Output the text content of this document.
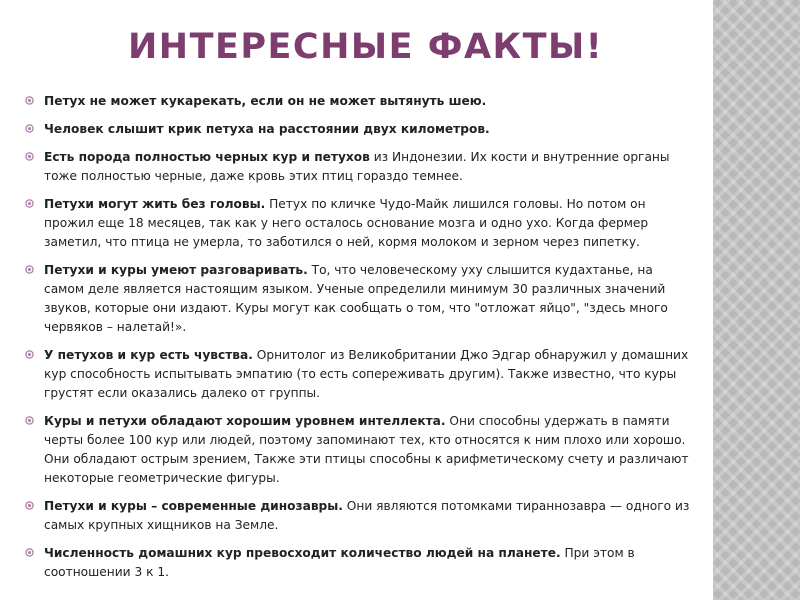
ИНТЕРЕСНЫЕ ФАКТЫ!
Петух не может кукарекать, если он не может вытянуть шею.
Человек слышит крик петуха на расстоянии двух километров.
Есть порода полностью черных кур и петухов из Индонезии. Их кости и внутренние органы тоже полностью черные, даже кровь этих птиц гораздо темнее.
Петухи могут жить без головы. Петух по кличке Чудо-Майк лишился головы. Но потом он прожил еще 18 месяцев, так как у него осталось основание мозга и одно ухо. Когда фермер заметил, что птица не умерла, то заботился о ней, кормя молоком и зерном через пипетку.
Петухи и куры умеют разговаривать. То, что человеческому уху слышится кудахтанье, на самом деле является настоящим языком. Ученые определили минимум 30 различных значений звуков, которые они издают. Куры могут как сообщать о том, что "отложат яйцо", "здесь много червяков – налетай!».
У петухов и кур есть чувства. Орнитолог из Великобритании Джо Эдгар обнаружил у домашних кур способность испытывать эмпатию (то есть сопереживать другим). Также известно, что куры грустят если оказались далеко от группы.
Куры и петухи обладают хорошим уровнем интеллекта. Они способны удержать в памяти черты более 100 кур или людей, поэтому запоминают тех, кто относятся к ним плохо или хорошо. Они обладают острым зрением, Также эти птицы способны к арифметическому счету и различают некоторые геометрические фигуры.
Петухи и куры – современные динозавры. Они являются потомками тираннозавра — одного из самых крупных хищников на Земле.
Численность домашних кур превосходит количество людей на планете. При этом в соотношении 3 к 1.
